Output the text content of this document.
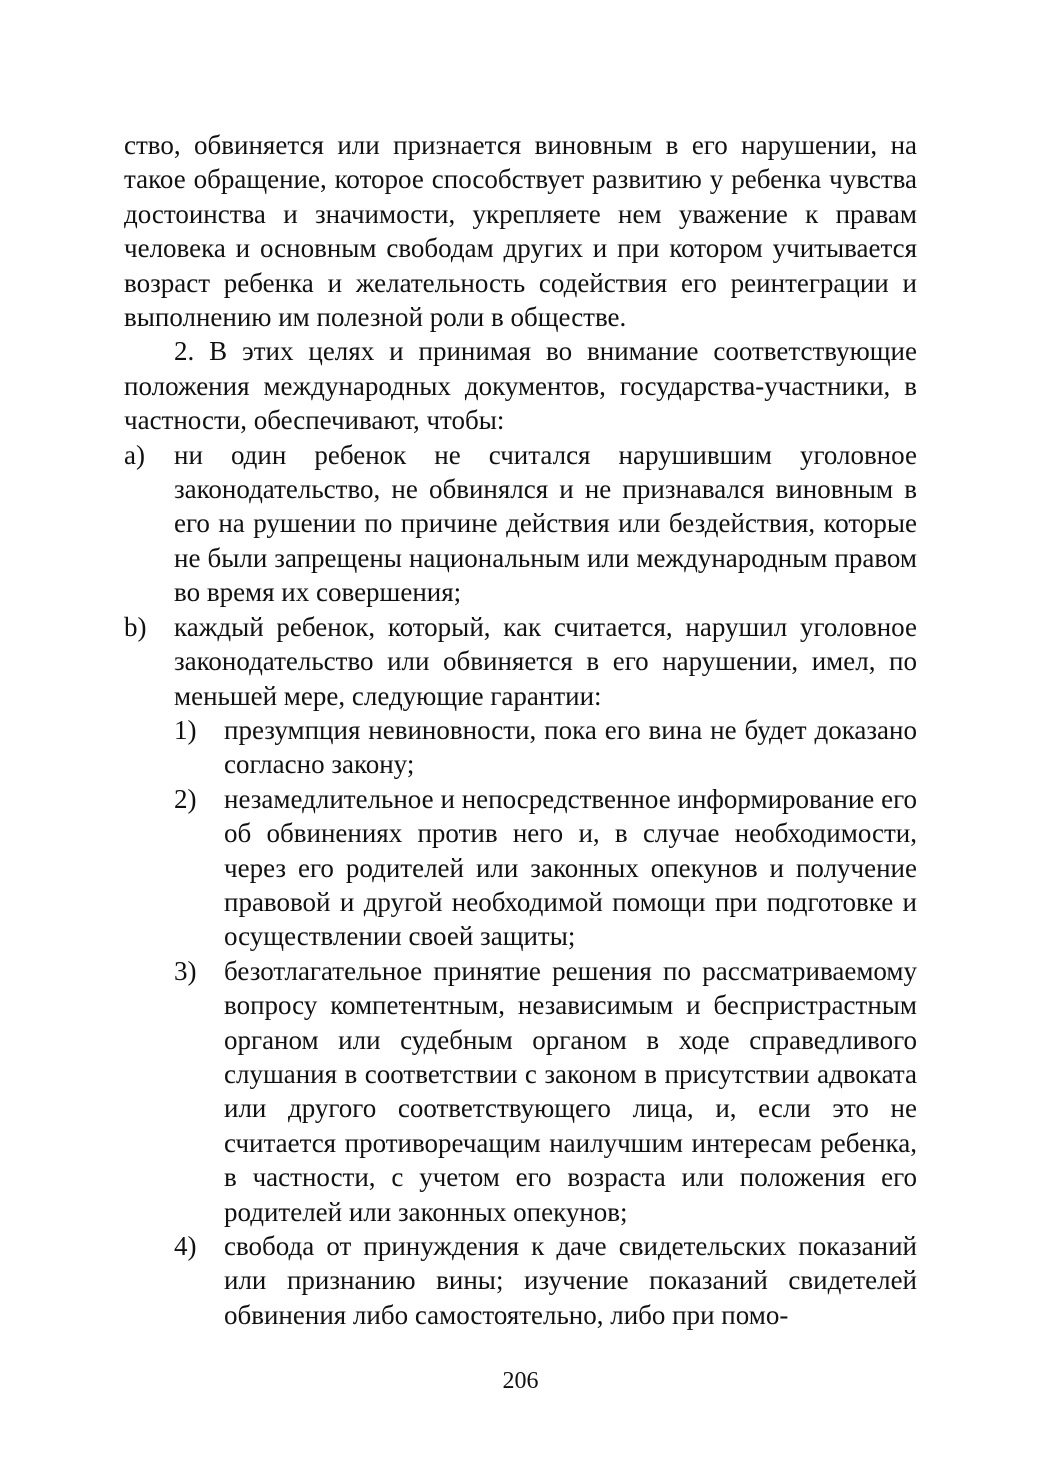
ство, обвиняется или признается виновным в его нарушении, на такое обращение, которое способствует развитию у ребенка чувства достоинства и значимости, укрепляете нем уважение к правам человека и основным свободам других и при котором учитывается возраст ребенка и желательность содействия его реинтеграции и выполнению им полезной роли в обществе.

2. В этих целях и принимая во внимание соответствующие положения международных документов, государства-участники, в частности, обеспечивают, чтобы:

a)	ни один ребенок не считался нарушившим уголовное законодательство, не обвинялся и не признавался виновным в его на рушении по причине действия или бездействия, которые не были запрещены национальным или международным правом во время их совершения;
b)	каждый ребенок, который, как считается, нарушил уголовное законодательство или обвиняется в его нарушении, имел, по меньшей мере, следующие гарантии:
1)	презумпция невиновности, пока его вина не будет доказано согласно закону;
2)	незамедлительное и непосредственное информирование его об обвинениях против него и, в случае необходимости, через его родителей или законных опекунов и получение правовой и другой необходимой помощи при подготовке и осуществлении своей защиты;
3)	безотлагательное принятие решения по рассматриваемому вопросу компетентным, независимым и беспристрастным органом или судебным органом в ходе справедливого слушания в соответствии с законом в присутствии адвоката или другого соответствующего лица, и, если это не считается противоречащим наилучшим интересам ребенка, в частности, с учетом его возраста или положения его родителей или законных опекунов;
4)	свобода от принуждения к даче свидетельских показаний или признанию вины; изучение показаний свидетелей обвинения либо самостоятельно, либо при помо-
206
